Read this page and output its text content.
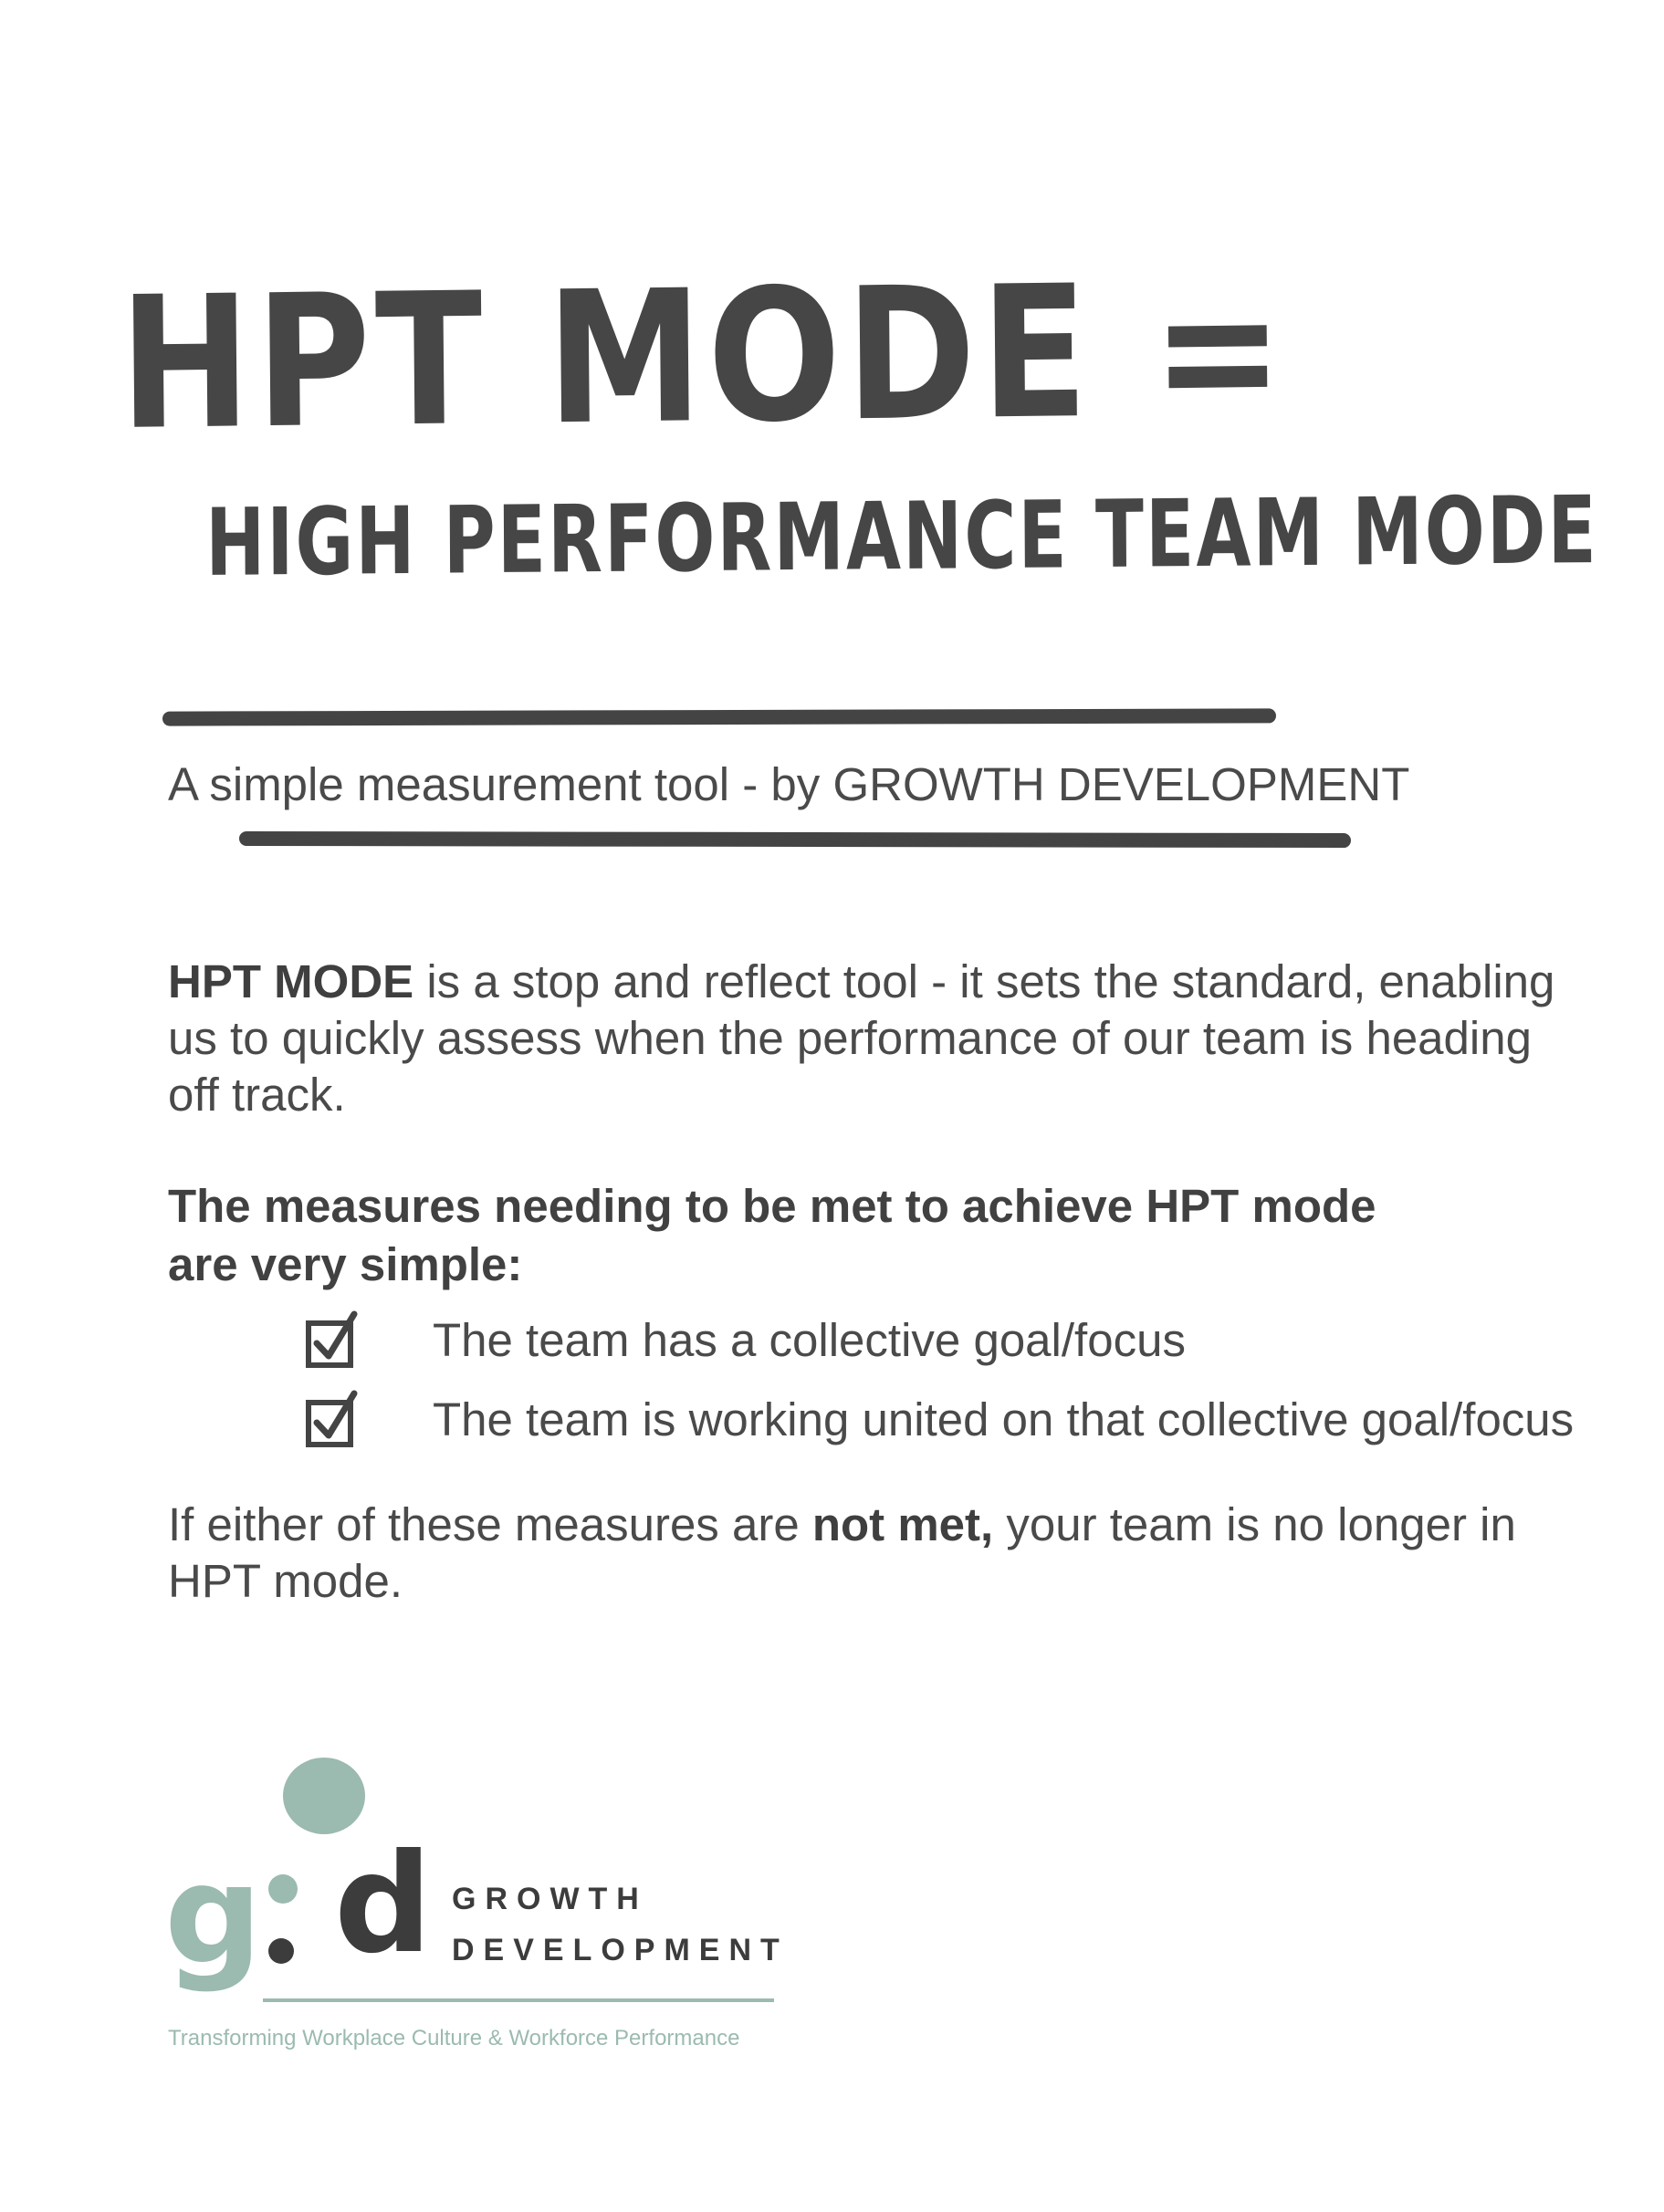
HPT MODE =
HIGH PERFORMANCE TEAM MODE
A simple measurement tool - by GROWTH DEVELOPMENT
HPT MODE is a stop and reflect tool - it sets the standard, enabling us to quickly assess when the performance of our team is heading off track.
The measures needing to be met to achieve HPT mode are very simple:
The team has a collective goal/focus
The team is working united on that collective goal/focus
If either of these measures are not met, your team is no longer in HPT mode.
g d GROWTH
DEVELOPMENT
Transforming Workplace Culture & Workforce Performance
